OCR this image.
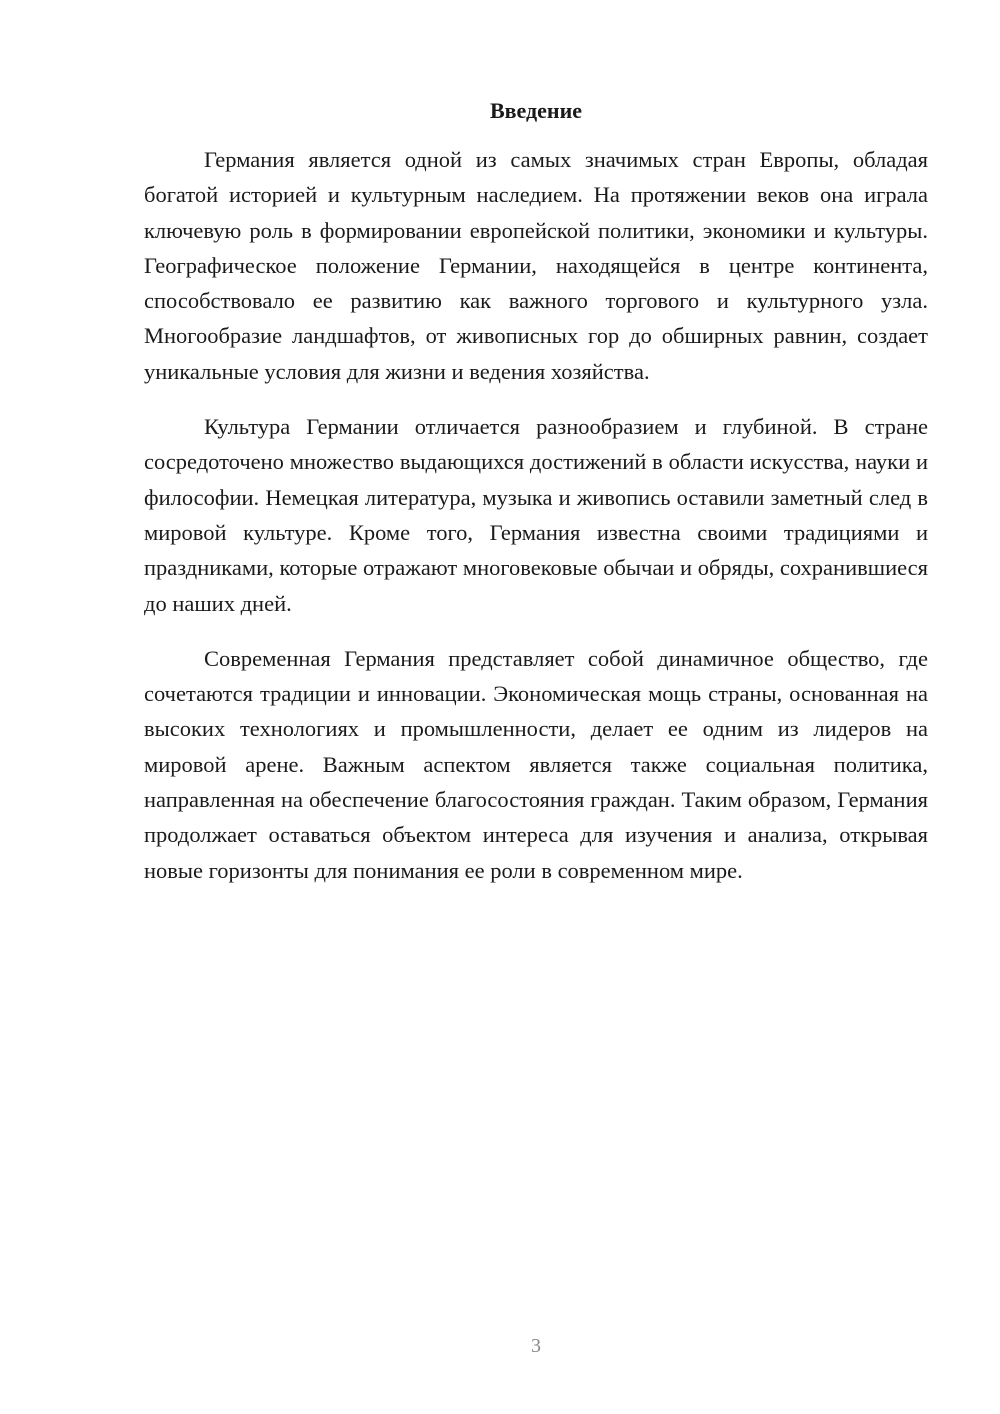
Введение

Германия является одной из самых значимых стран Европы, обладая богатой историей и культурным наследием. На протяжении веков она играла ключевую роль в формировании европейской политики, экономики и культуры. Географическое положение Германии, находящейся в центре континента, способствовало ее развитию как важного торгового и культурного узла. Многообразие ландшафтов, от живописных гор до обширных равнин, создает уникальные условия для жизни и ведения хозяйства.

Культура Германии отличается разнообразием и глубиной. В стране сосредоточено множество выдающихся достижений в области искусства, науки и философии. Немецкая литература, музыка и живопись оставили заметный след в мировой культуре. Кроме того, Германия известна своими традициями и праздниками, которые отражают многовековые обычаи и обряды, сохранившиеся до наших дней.

Современная Германия представляет собой динамичное общество, где сочетаются традиции и инновации. Экономическая мощь страны, основанная на высоких технологиях и промышленности, делает ее одним из лидеров на мировой арене. Важным аспектом является также социальная политика, направленная на обеспечение благосостояния граждан. Таким образом, Германия продолжает оставаться объектом интереса для изучения и анализа, открывая новые горизонты для понимания ее роли в современном мире.

3
